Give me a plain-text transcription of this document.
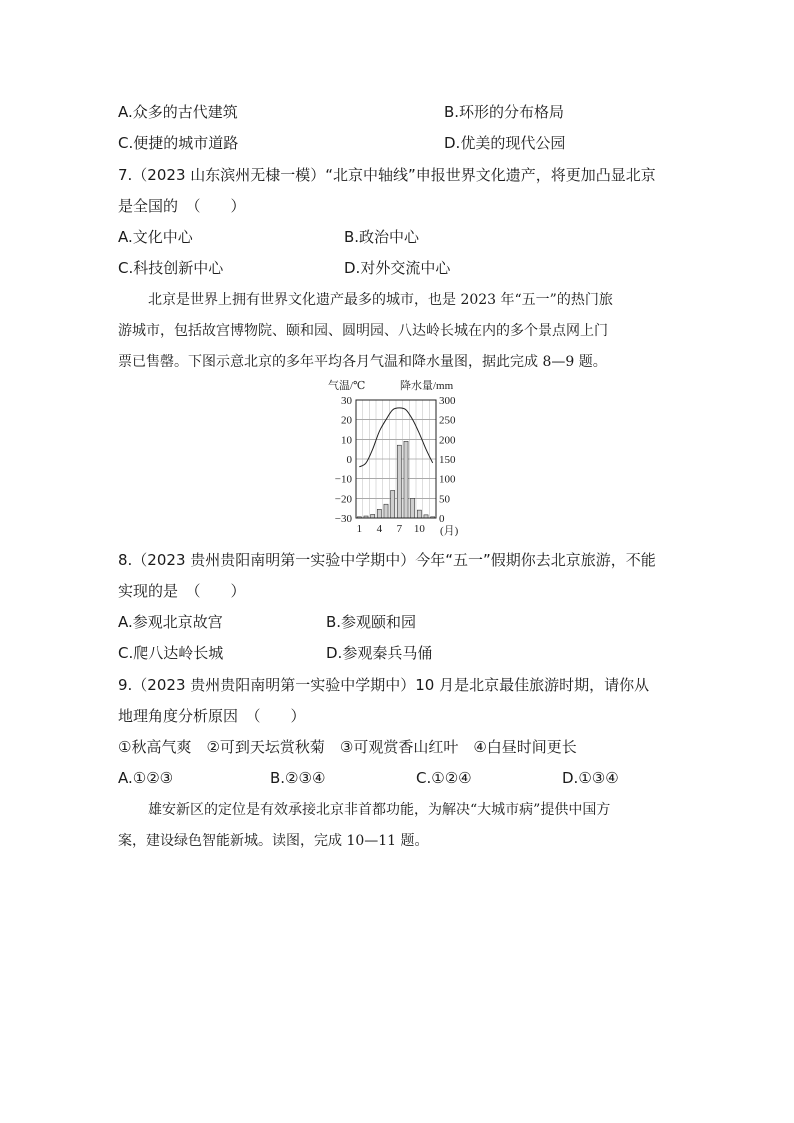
A.众多的古代建筑	B.环形的分布格局
C.便捷的城市道路	D.优美的现代公园
7.（2023 山东滨州无棣一模）“北京中轴线”申报世界文化遗产，将更加凸显北京
是全国的　（　　）
A.文化中心	B.政治中心
C.科技创新中心	D.对外交流中心
北京是世界上拥有世界文化遗产最多的城市，也是 2023 年“五一”的热门旅
游城市，包括故宫博物院、颐和园、圆明园、八达岭长城在内的多个景点网上门
票已售罄。下图示意北京的多年平均各月气温和降水量图，据此完成 8—9 题。
气温/℃	降水量/mm
(月)
30
20
10
0
−10
−20
−30
300
250
200
150
100
50
0
1 4 7 10
8.（2023 贵州贵阳南明第一实验中学期中）今年“五一”假期你去北京旅游，不能
实现的是　（　　）
A.参观北京故宫	B.参观颐和园
C.爬八达岭长城	D.参观秦兵马俑
9.（2023 贵州贵阳南明第一实验中学期中）10 月是北京最佳旅游时期，请你从
地理角度分析原因　（　　）
①秋高气爽　②可到天坛赏秋菊　③可观赏香山红叶　④白昼时间更长
A.①②③	B.②③④	C.①②④	D.①③④
雄安新区的定位是有效承接北京非首都功能，为解决“大城市病”提供中国方
案，建设绿色智能新城。读图，完成 10—11 题。
